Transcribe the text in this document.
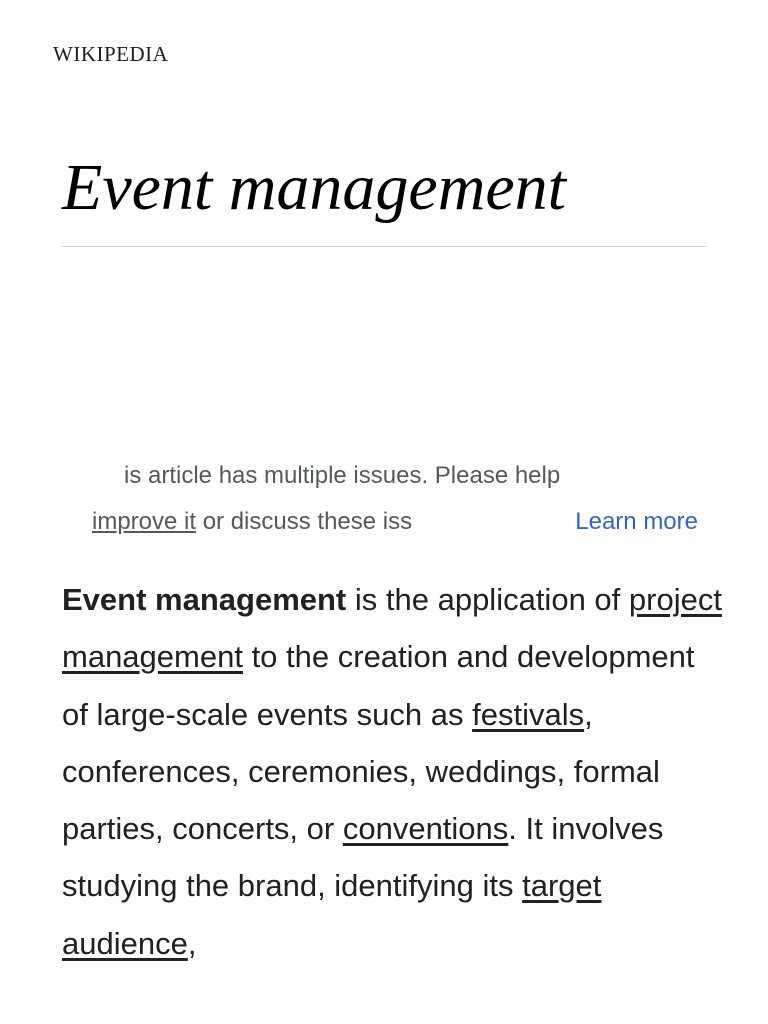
WIKIPEDIA
Event management
is article has multiple issues. Please help
improve it or discuss these iss	Learn more

Event management is the application of project management to the creation and development of large-scale events such as festivals, conferences, ceremonies, weddings, formal parties, concerts, or conventions. It involves studying the brand, identifying its target audience,
